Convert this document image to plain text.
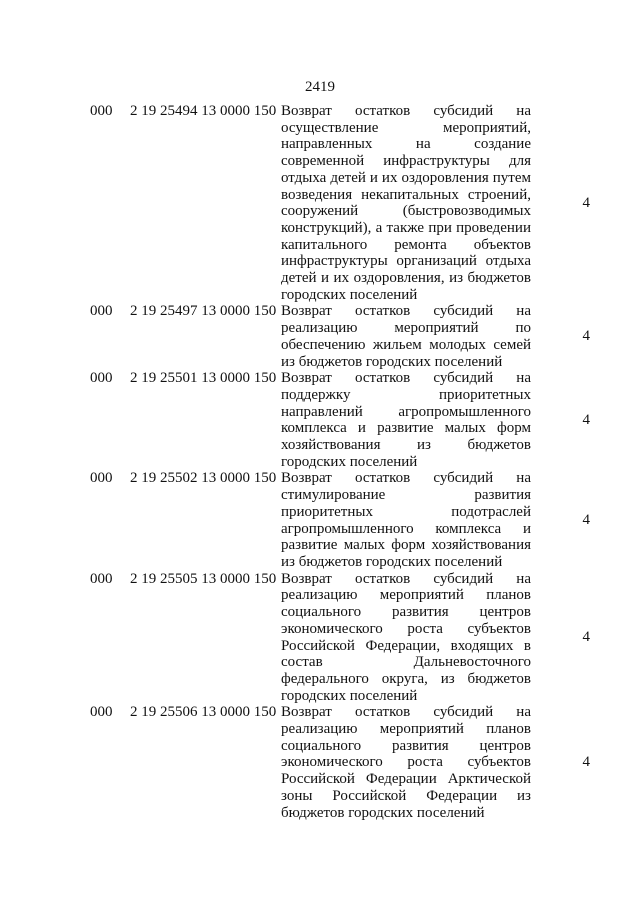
2419
000 2 19 25494 13 0000 150 Возврат остатков субсидий на осуществление мероприятий, направленных на создание современной инфраструктуры для отдыха детей и их оздоровления путем возведения некапитальных строений, сооружений (быстровозводимых конструкций), а также при проведении капитального ремонта объектов инфраструктуры организаций отдыха детей и их оздоровления, из бюджетов городских поселений
4
000 2 19 25497 13 0000 150 Возврат остатков субсидий на реализацию мероприятий по обеспечению жильем молодых семей из бюджетов городских поселений
4
000 2 19 25501 13 0000 150 Возврат остатков субсидий на поддержку приоритетных направлений агропромышленного комплекса и развитие малых форм хозяйствования из бюджетов городских поселений
4
000 2 19 25502 13 0000 150 Возврат остатков субсидий на стимулирование развития приоритетных подотраслей агропромышленного комплекса и развитие малых форм хозяйствования из бюджетов городских поселений
4
000 2 19 25505 13 0000 150 Возврат остатков субсидий на реализацию мероприятий планов социального развития центров экономического роста субъектов Российской Федерации, входящих в состав Дальневосточного федерального округа, из бюджетов городских поселений
4
000 2 19 25506 13 0000 150 Возврат остатков субсидий на реализацию мероприятий планов социального развития центров экономического роста субъектов Российской Федерации Арктической зоны Российской Федерации из бюджетов городских поселений
4
